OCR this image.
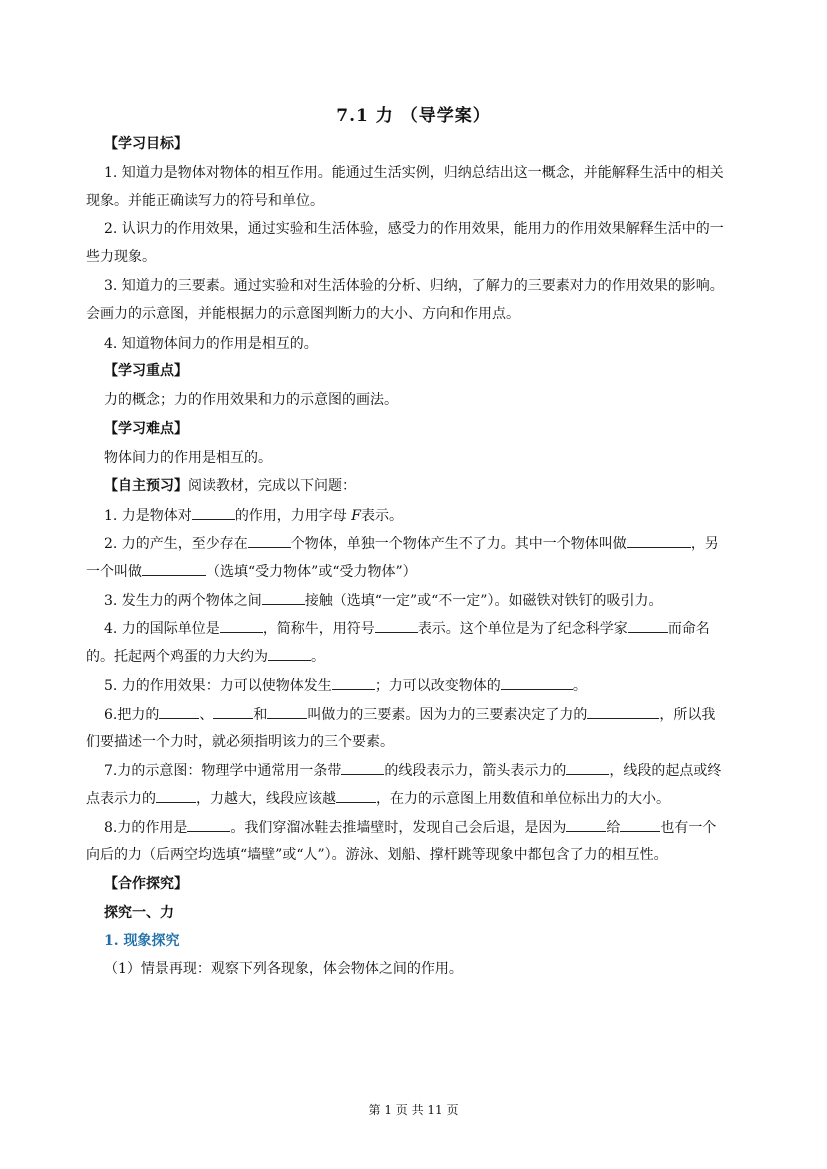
7.1 力 （导学案）
【学习目标】
1. 知道力是物体对物体的相互作用。能通过生活实例，归纳总结出这一概念，并能解释生活中的相关
现象。并能正确读写力的符号和单位。
2. 认识力的作用效果，通过实验和生活体验，感受力的作用效果，能用力的作用效果解释生活中的一
些力现象。
3. 知道力的三要素。通过实验和对生活体验的分析、归纳，了解力的三要素对力的作用效果的影响。
会画力的示意图，并能根据力的示意图判断力的大小、方向和作用点。
4. 知道物体间力的作用是相互的。
【学习重点】
力的概念；力的作用效果和力的示意图的画法。
【学习难点】
物体间力的作用是相互的。
【自主预习】阅读教材，完成以下问题：
1. 力是物体对	的作用，力用字母 F表示。
2. 力的产生，至少存在	个物体，单独一个物体产生不了力。其中一个物体叫做	，另
一个叫做	（选填“受力物体”或“受力物体”）
3. 发生力的两个物体之间	接触（选填“一定”或“不一定”）。如磁铁对铁钉的吸引力。
4. 力的国际单位是	，简称牛，用符号	表示。这个单位是为了纪念科学家	而命名
的。托起两个鸡蛋的力大约为	。
5. 力的作用效果：力可以使物体发生	；力可以改变物体的	。
6.把力的	、	和	叫做力的三要素。因为力的三要素决定了力的	，所以我
们要描述一个力时，就必须指明该力的三个要素。
7.力的示意图：物理学中通常用一条带	的线段表示力，箭头表示力的	，线段的起点或终
点表示力的	，力越大，线段应该越	，在力的示意图上用数值和单位标出力的大小。
8.力的作用是	。我们穿溜冰鞋去推墙壁时，发现自己会后退，是因为	给	也有一个
向后的力（后两空均选填“墙壁”或“人”）。游泳、划船、撑杆跳等现象中都包含了力的相互性。
【合作探究】
探究一、力
1. 现象探究
（1）情景再现：观察下列各现象，体会物体之间的作用。
第 1 页 共 11 页
